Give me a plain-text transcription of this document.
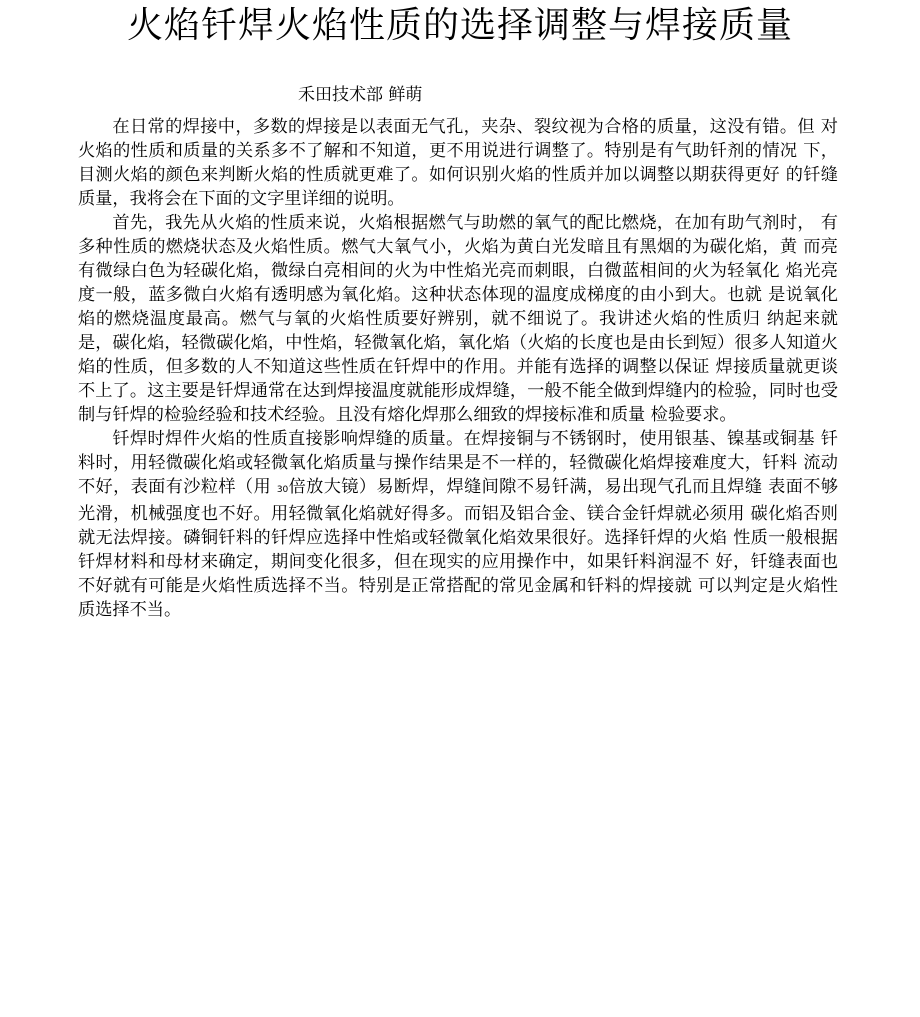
火焰钎焊火焰性质的选择调整与焊接质量

禾田技术部 鲜萌

在日常的焊接中，多数的焊接是以表面无气孔，夹杂、裂纹视为合格的质量，这没有错。但 对火焰的性质和质量的关系多不了解和不知道，更不用说进行调整了。特别是有气助钎剂的情况 下，目测火焰的颜色来判断火焰的性质就更难了。如何识别火焰的性质并加以调整以期获得更好 的钎缝质量，我将会在下面的文字里详细的说明。

首先，我先从火焰的性质来说，火焰根据燃气与助燃的氧气的配比燃烧，在加有助气剂时， 有多种性质的燃烧状态及火焰性质。燃气大氧气小，火焰为黄白光发暗且有黑烟的为碳化焰，黄 而亮有微绿白色为轻碳化焰，微绿白亮相间的火为中性焰光亮而刺眼，白微蓝相间的火为轻氧化 焰光亮度一般，蓝多微白火焰有透明感为氧化焰。这种状态体现的温度成梯度的由小到大。也就 是说氧化焰的燃烧温度最高。燃气与氧的火焰性质要好辨别，就不细说了。我讲述火焰的性质归 纳起来就是，碳化焰，轻微碳化焰，中性焰，轻微氧化焰，氧化焰（火焰的长度也是由长到短）很多人知道火焰的性质，但多数的人不知道这些性质在钎焊中的作用。并能有选择的调整以保证 焊接质量就更谈不上了。这主要是钎焊通常在达到焊接温度就能形成焊缝，一般不能全做到焊缝内的检验，同时也受制与钎焊的检验经验和技术经验。且没有熔化焊那么细致的焊接标准和质量 检验要求。

钎焊时焊件火焰的性质直接影响焊缝的质量。在焊接铜与不锈钢时，使用银基、镍基或铜基 钎料时，用轻微碳化焰或轻微氧化焰质量与操作结果是不一样的，轻微碳化焰焊接难度大，钎料 流动不好，表面有沙粒样（用 30倍放大镜）易断焊，焊缝间隙不易钎满，易出现气孔而且焊缝 表面不够光滑，机械强度也不好。用轻微氧化焰就好得多。而铝及铝合金、镁合金钎焊就必须用 碳化焰否则就无法焊接。磷铜钎料的钎焊应选择中性焰或轻微氧化焰效果很好。选择钎焊的火焰 性质一般根据钎焊材料和母材来确定，期间变化很多，但在现实的应用操作中，如果钎料润湿不 好，钎缝表面也不好就有可能是火焰性质选择不当。特别是正常搭配的常见金属和钎料的焊接就 可以判定是火焰性质选择不当。
